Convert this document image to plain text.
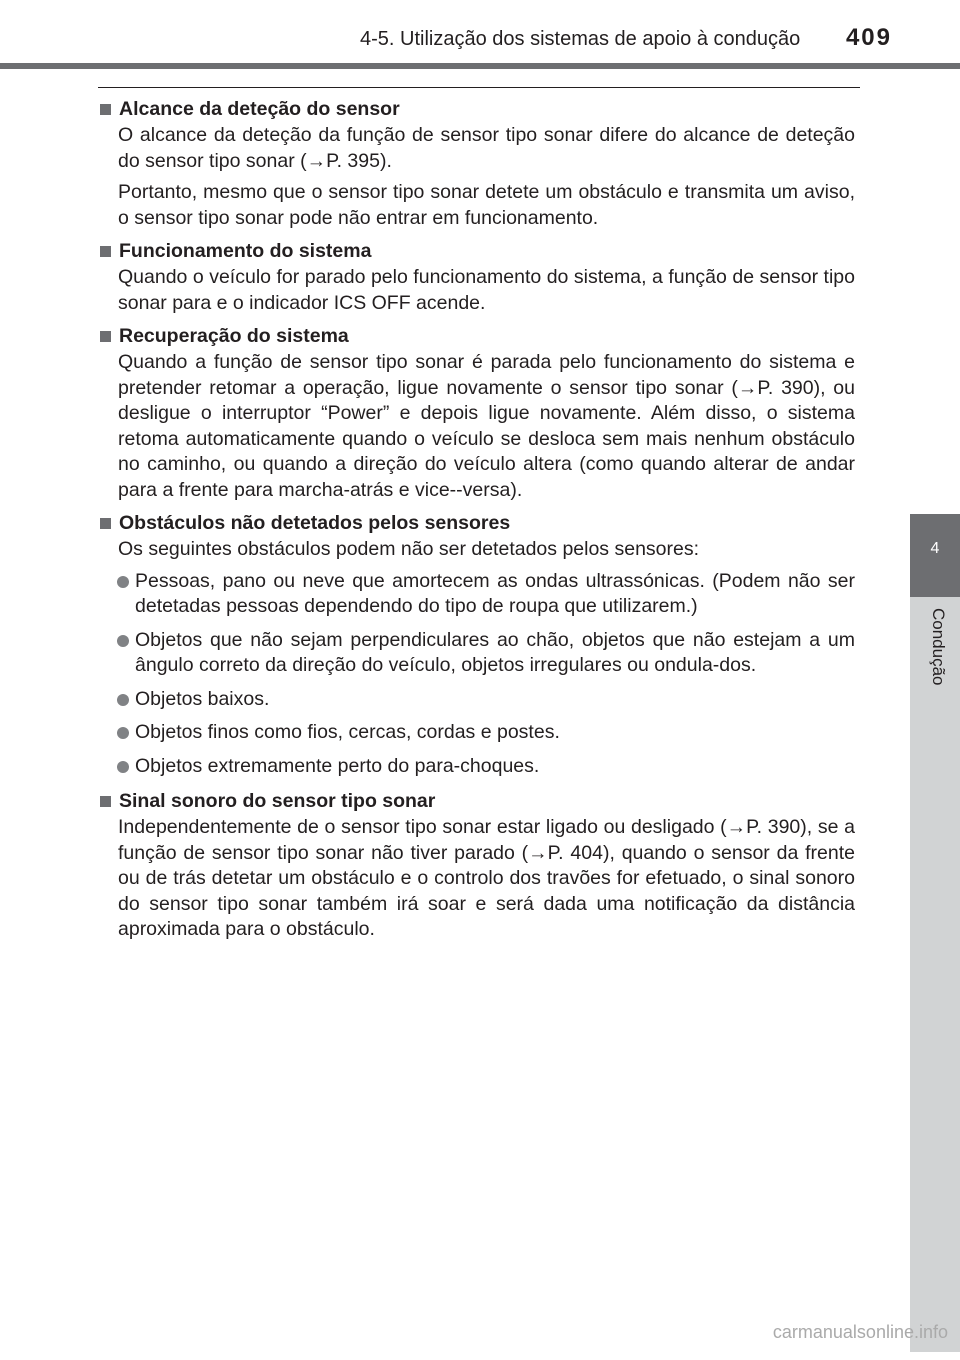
4-5. Utilização dos sistemas de apoio à condução	409
4
Condução
Alcance da deteção do sensor

O alcance da deteção da função de sensor tipo sonar difere do alcance de deteção do sensor tipo sonar (→P. 395).

Portanto, mesmo que o sensor tipo sonar detete um obstáculo e transmita um aviso, o sensor tipo sonar pode não entrar em funcionamento.

Funcionamento do sistema

Quando o veículo for parado pelo funcionamento do sistema, a função de sensor tipo sonar para e o indicador ICS OFF acende.

Recuperação do sistema

Quando a função de sensor tipo sonar é parada pelo funcionamento do sistema e pretender retomar a operação, ligue novamente o sensor tipo sonar (→P. 390), ou desligue o interruptor “Power” e depois ligue novamente. Além disso, o sistema retoma automaticamente quando o veículo se desloca sem mais nenhum obstáculo no caminho, ou quando a direção do veículo altera (como quando alterar de andar para a frente para marcha-atrás e vice--versa).

Obstáculos não detetados pelos sensores

Os seguintes obstáculos podem não ser detetados pelos sensores:

Pessoas, pano ou neve que amortecem as ondas ultrassónicas. (Podem não ser detetadas pessoas dependendo do tipo de roupa que utilizarem.)
Objetos que não sejam perpendiculares ao chão, objetos que não estejam a um ângulo correto da direção do veículo, objetos irregulares ou ondula-dos.
Objetos baixos.
Objetos finos como fios, cercas, cordas e postes.
Objetos extremamente perto do para-choques.
Sinal sonoro do sensor tipo sonar

Independentemente de o sensor tipo sonar estar ligado ou desligado (→P. 390), se a função de sensor tipo sonar não tiver parado (→P. 404), quando o sensor da frente ou de trás detetar um obstáculo e o controlo dos travões for efetuado, o sinal sonoro do sensor tipo sonar também irá soar e será dada uma notificação da distância aproximada para o obstáculo.

carmanualsonline.info
